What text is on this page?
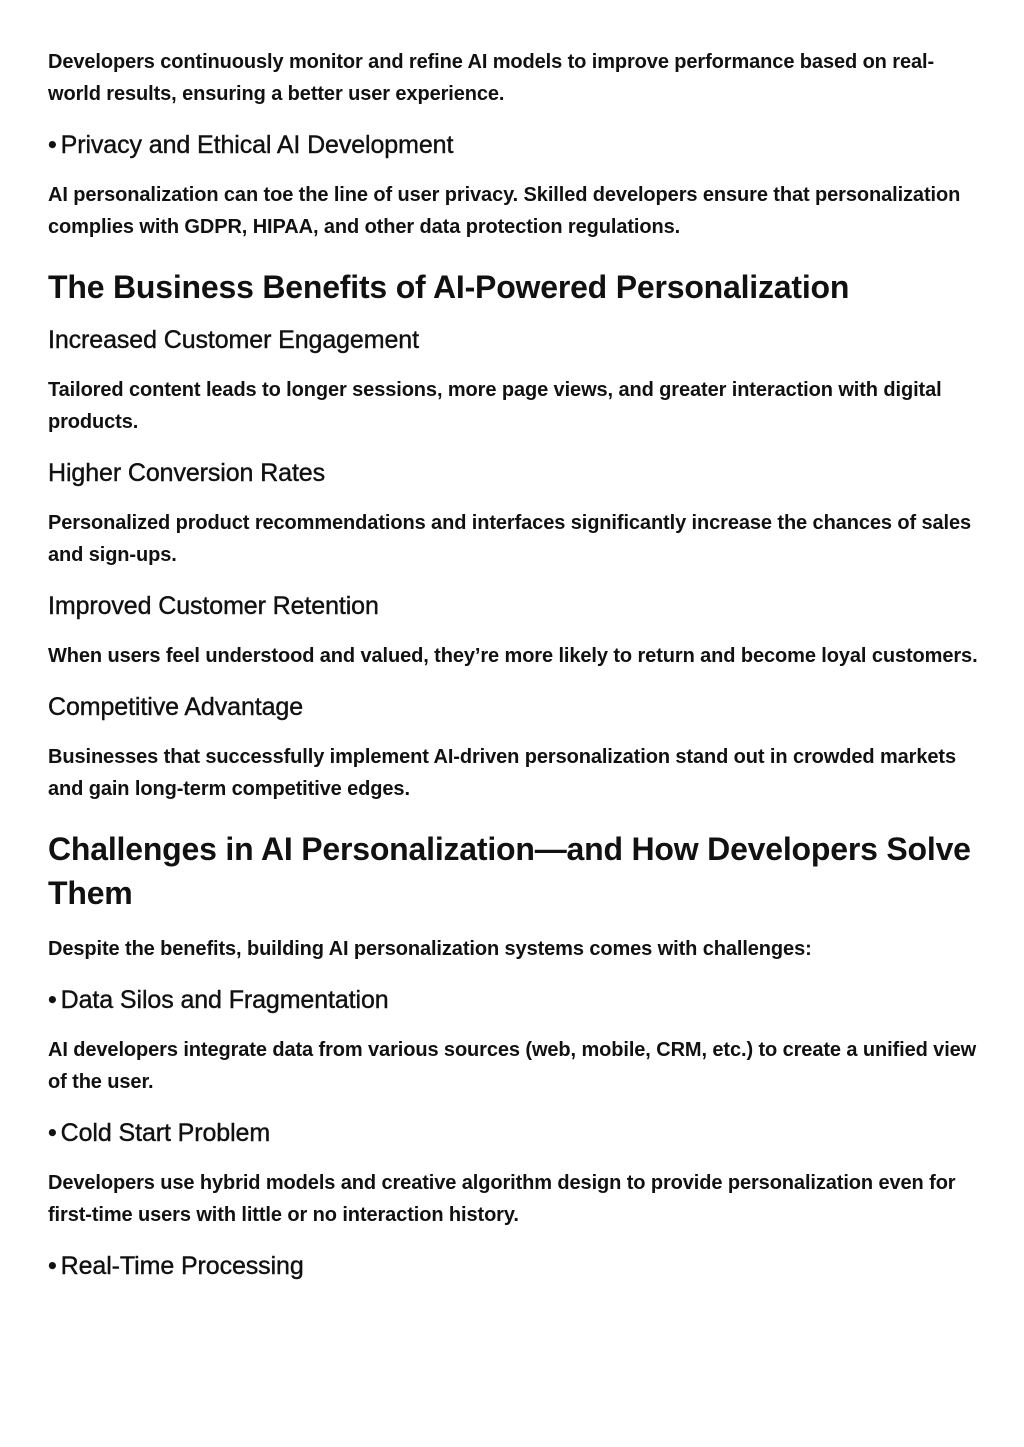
Developers continuously monitor and refine AI models to improve performance based on real-world results, ensuring a better user experience.

• Privacy and Ethical AI Development

AI personalization can toe the line of user privacy. Skilled developers ensure that personalization complies with GDPR, HIPAA, and other data protection regulations.

The Business Benefits of AI-Powered Personalization
Increased Customer Engagement

Tailored content leads to longer sessions, more page views, and greater interaction with digital products.

Higher Conversion Rates

Personalized product recommendations and interfaces significantly increase the chances of sales and sign-ups.

Improved Customer Retention

When users feel understood and valued, they’re more likely to return and become loyal customers.

Competitive Advantage

Businesses that successfully implement AI-driven personalization stand out in crowded markets and gain long-term competitive edges.

Challenges in AI Personalization—and How Developers Solve Them

Despite the benefits, building AI personalization systems comes with challenges:

• Data Silos and Fragmentation

AI developers integrate data from various sources (web, mobile, CRM, etc.) to create a unified view of the user.

• Cold Start Problem

Developers use hybrid models and creative algorithm design to provide personalization even for first-time users with little or no interaction history.

• Real-Time Processing
